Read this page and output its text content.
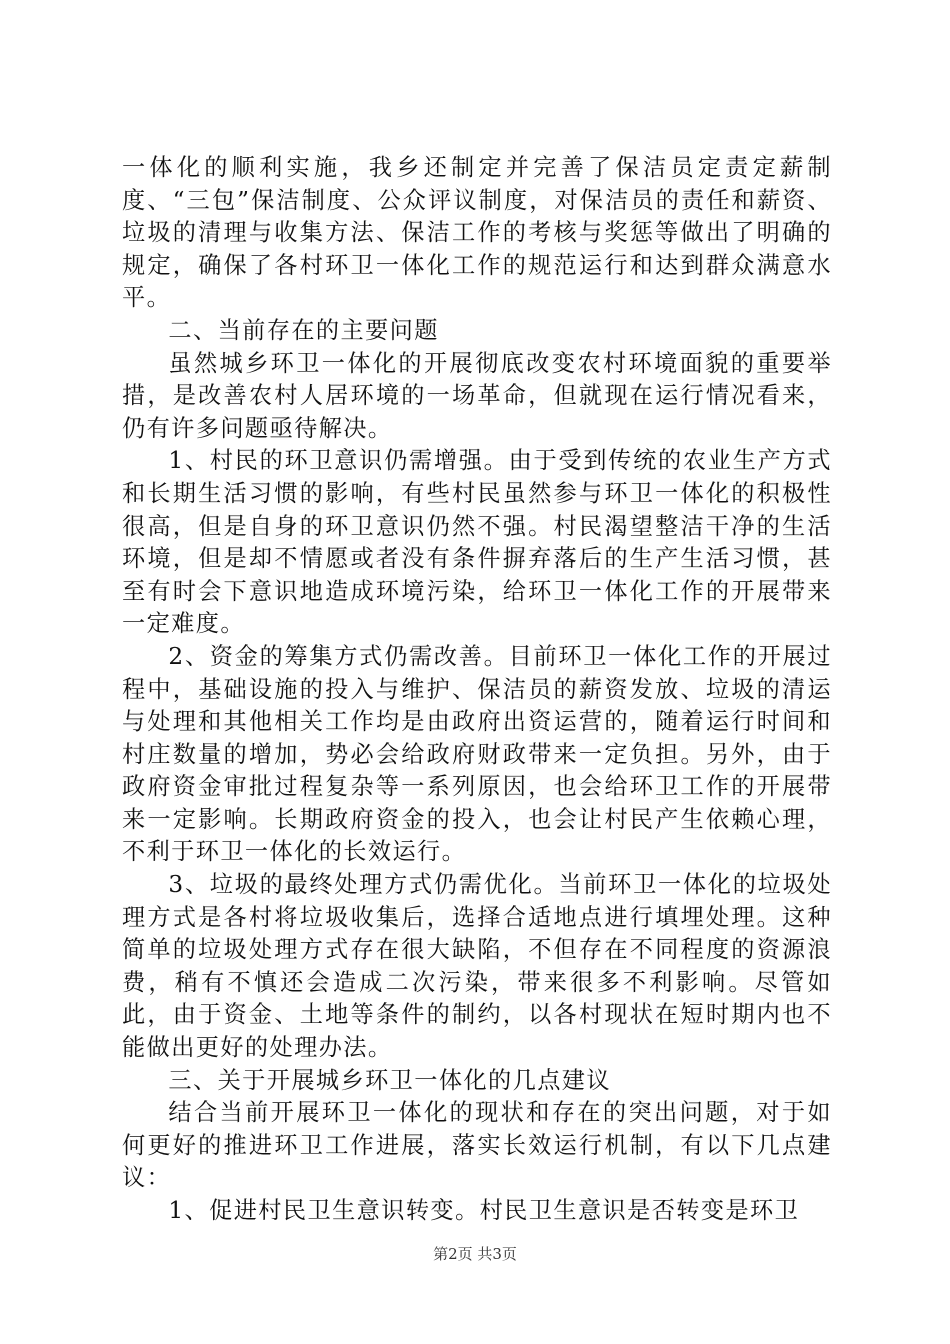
一体化的顺利实施，我乡还制定并完善了保洁员定责定薪制度、“三包”保洁制度、公众评议制度，对保洁员的责任和薪资、垃圾的清理与收集方法、保洁工作的考核与奖惩等做出了明确的规定，确保了各村环卫一体化工作的规范运行和达到群众满意水平。

二、当前存在的主要问题

虽然城乡环卫一体化的开展彻底改变农村环境面貌的重要举措，是改善农村人居环境的一场革命，但就现在运行情况看来，仍有许多问题亟待解决。

1、村民的环卫意识仍需增强。由于受到传统的农业生产方式和长期生活习惯的影响，有些村民虽然参与环卫一体化的积极性很高，但是自身的环卫意识仍然不强。村民渴望整洁干净的生活环境，但是却不情愿或者没有条件摒弃落后的生产生活习惯，甚至有时会下意识地造成环境污染，给环卫一体化工作的开展带来一定难度。

2、资金的筹集方式仍需改善。目前环卫一体化工作的开展过程中，基础设施的投入与维护、保洁员的薪资发放、垃圾的清运与处理和其他相关工作均是由政府出资运营的，随着运行时间和村庄数量的增加，势必会给政府财政带来一定负担。另外，由于政府资金审批过程复杂等一系列原因，也会给环卫工作的开展带来一定影响。长期政府资金的投入，也会让村民产生依赖心理，不利于环卫一体化的长效运行。

3、垃圾的最终处理方式仍需优化。当前环卫一体化的垃圾处理方式是各村将垃圾收集后，选择合适地点进行填埋处理。这种简单的垃圾处理方式存在很大缺陷，不但存在不同程度的资源浪费，稍有不慎还会造成二次污染，带来很多不利影响。尽管如此，由于资金、土地等条件的制约，以各村现状在短时期内也不能做出更好的处理办法。

三、关于开展城乡环卫一体化的几点建议

结合当前开展环卫一体化的现状和存在的突出问题，对于如何更好的推进环卫工作进展，落实长效运行机制，有以下几点建议：

1、促进村民卫生意识转变。村民卫生意识是否转变是环卫

第2页 共3页
